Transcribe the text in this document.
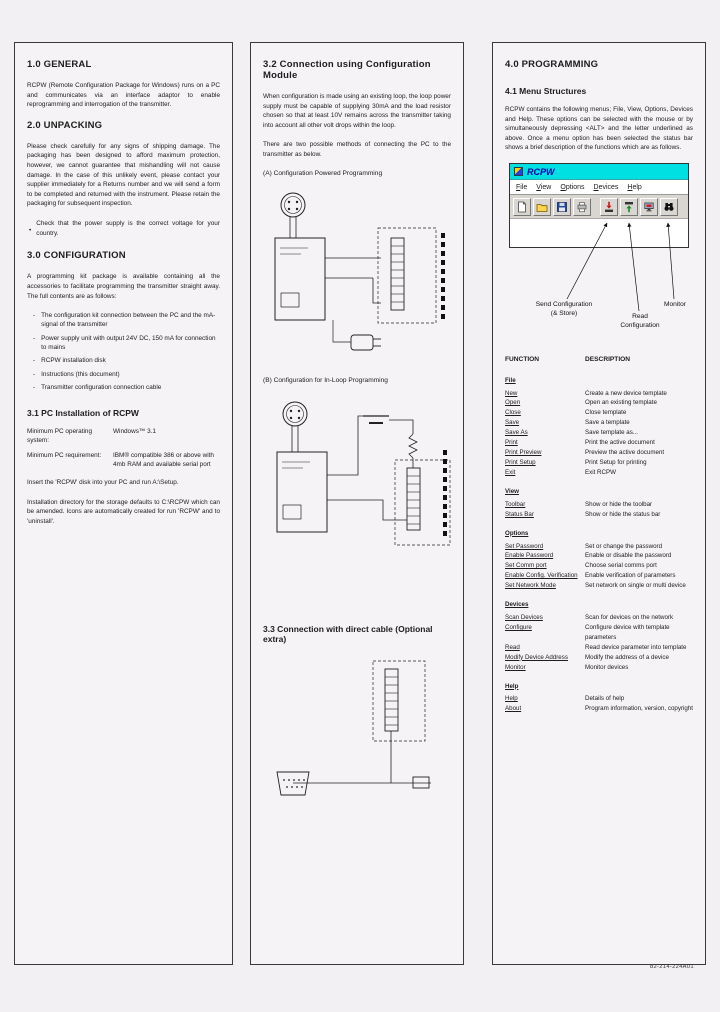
1.0 GENERAL

RCPW (Remote Configuration Package for Windows) runs on a PC and communicates via an interface adaptor to enable reprogramming and interrogation of the transmitter.

2.0 UNPACKING

Please check carefully for any signs of shipping damage. The packaging has been designed to afford maximum protection, however, we cannot guarantee that mishandling will not cause damage. In the case of this unlikely event, please contact your supplier immediately for a Returns number and we will send a form to be completed and returned with the instrument. Please retain the packaging for subsequent inspection.

•

Check that the power supply is the correct voltage for your country.

3.0 CONFIGURATION

A programming kit package is available containing all the accessories to facilitate programming the transmitter straight away. The full contents are as follows:

-
The configuration kit connection between the PC and the mA-signal of the transmitter
-
Power supply unit with output 24V DC, 150 mA for connection to mains
-
RCPW installation disk
-
Instructions (this document)
-
Transmitter configuration connection cable
3.1 PC Installation of RCPW
Minimum PC operating system:
Windows™ 3.1
Minimum PC requirement:	IBM® compatible 386 or above with 4mb RAM and available serial port

Insert the 'RCPW' disk into your PC and run A:\Setup.

Installation directory for the storage defaults to C:\RCPW which can be amended. Icons are automatically created for run 'RCPW' and to 'uninstall'.

3.2 Connection using Configuration Module

When configuration is made using an existing loop, the loop power supply must be capable of supplying 30mA and the load resistor chosen so that at least 10V remains across the transmitter taking into account all other volt drops within the loop.

There are two possible methods of connecting the PC to the transmitter as below.

(A) Configuration Powered Programming

(B) Configuration for In-Loop Programming

3.3 Connection with direct cable (Optional extra)
4.0 PROGRAMMING
4.1 Menu Structures

RCPW contains the following menus; File, View, Options, Devices and Help. These options can be selected with the mouse or by simultaneously depressing <ALT> and the letter underlined as above. Once a menu option has been selected the status bar shows a brief description of the functions which are as follows.

RCPW
File View Options Devices Help
Send Configuration
(& Store)	Read
Configuration
Monitor
FUNCTION	DESCRIPTION
File
New	Create a new device template
Open	Open an existing template
Close	Close template
Save	Save a template
Save As	Save template as...
Print	Print the active document
Print Preview	Preview the active document
Print Setup	Print Setup for printing
Exit	Exit RCPW
View
Toolbar	Show or hide the toolbar
Status Bar	Show or hide the status bar
Options
Set Password	Set or change the password
Enable Password	Enable or disable the password
Set Comm port	Choose serial comms port
Enable Config. Verification	Enable verification of parameters
Set Network Mode	Set network on single or multi device
Devices
Scan Devices	Scan for devices on the network
Configure	Configure device with template parameters
Read	Read device parameter into template
Modify Device Address	Modify the address of a device
Monitor	Monitor devices
Help
Help	Details of help
About	Program information, version, copyright
82-214-224A01
